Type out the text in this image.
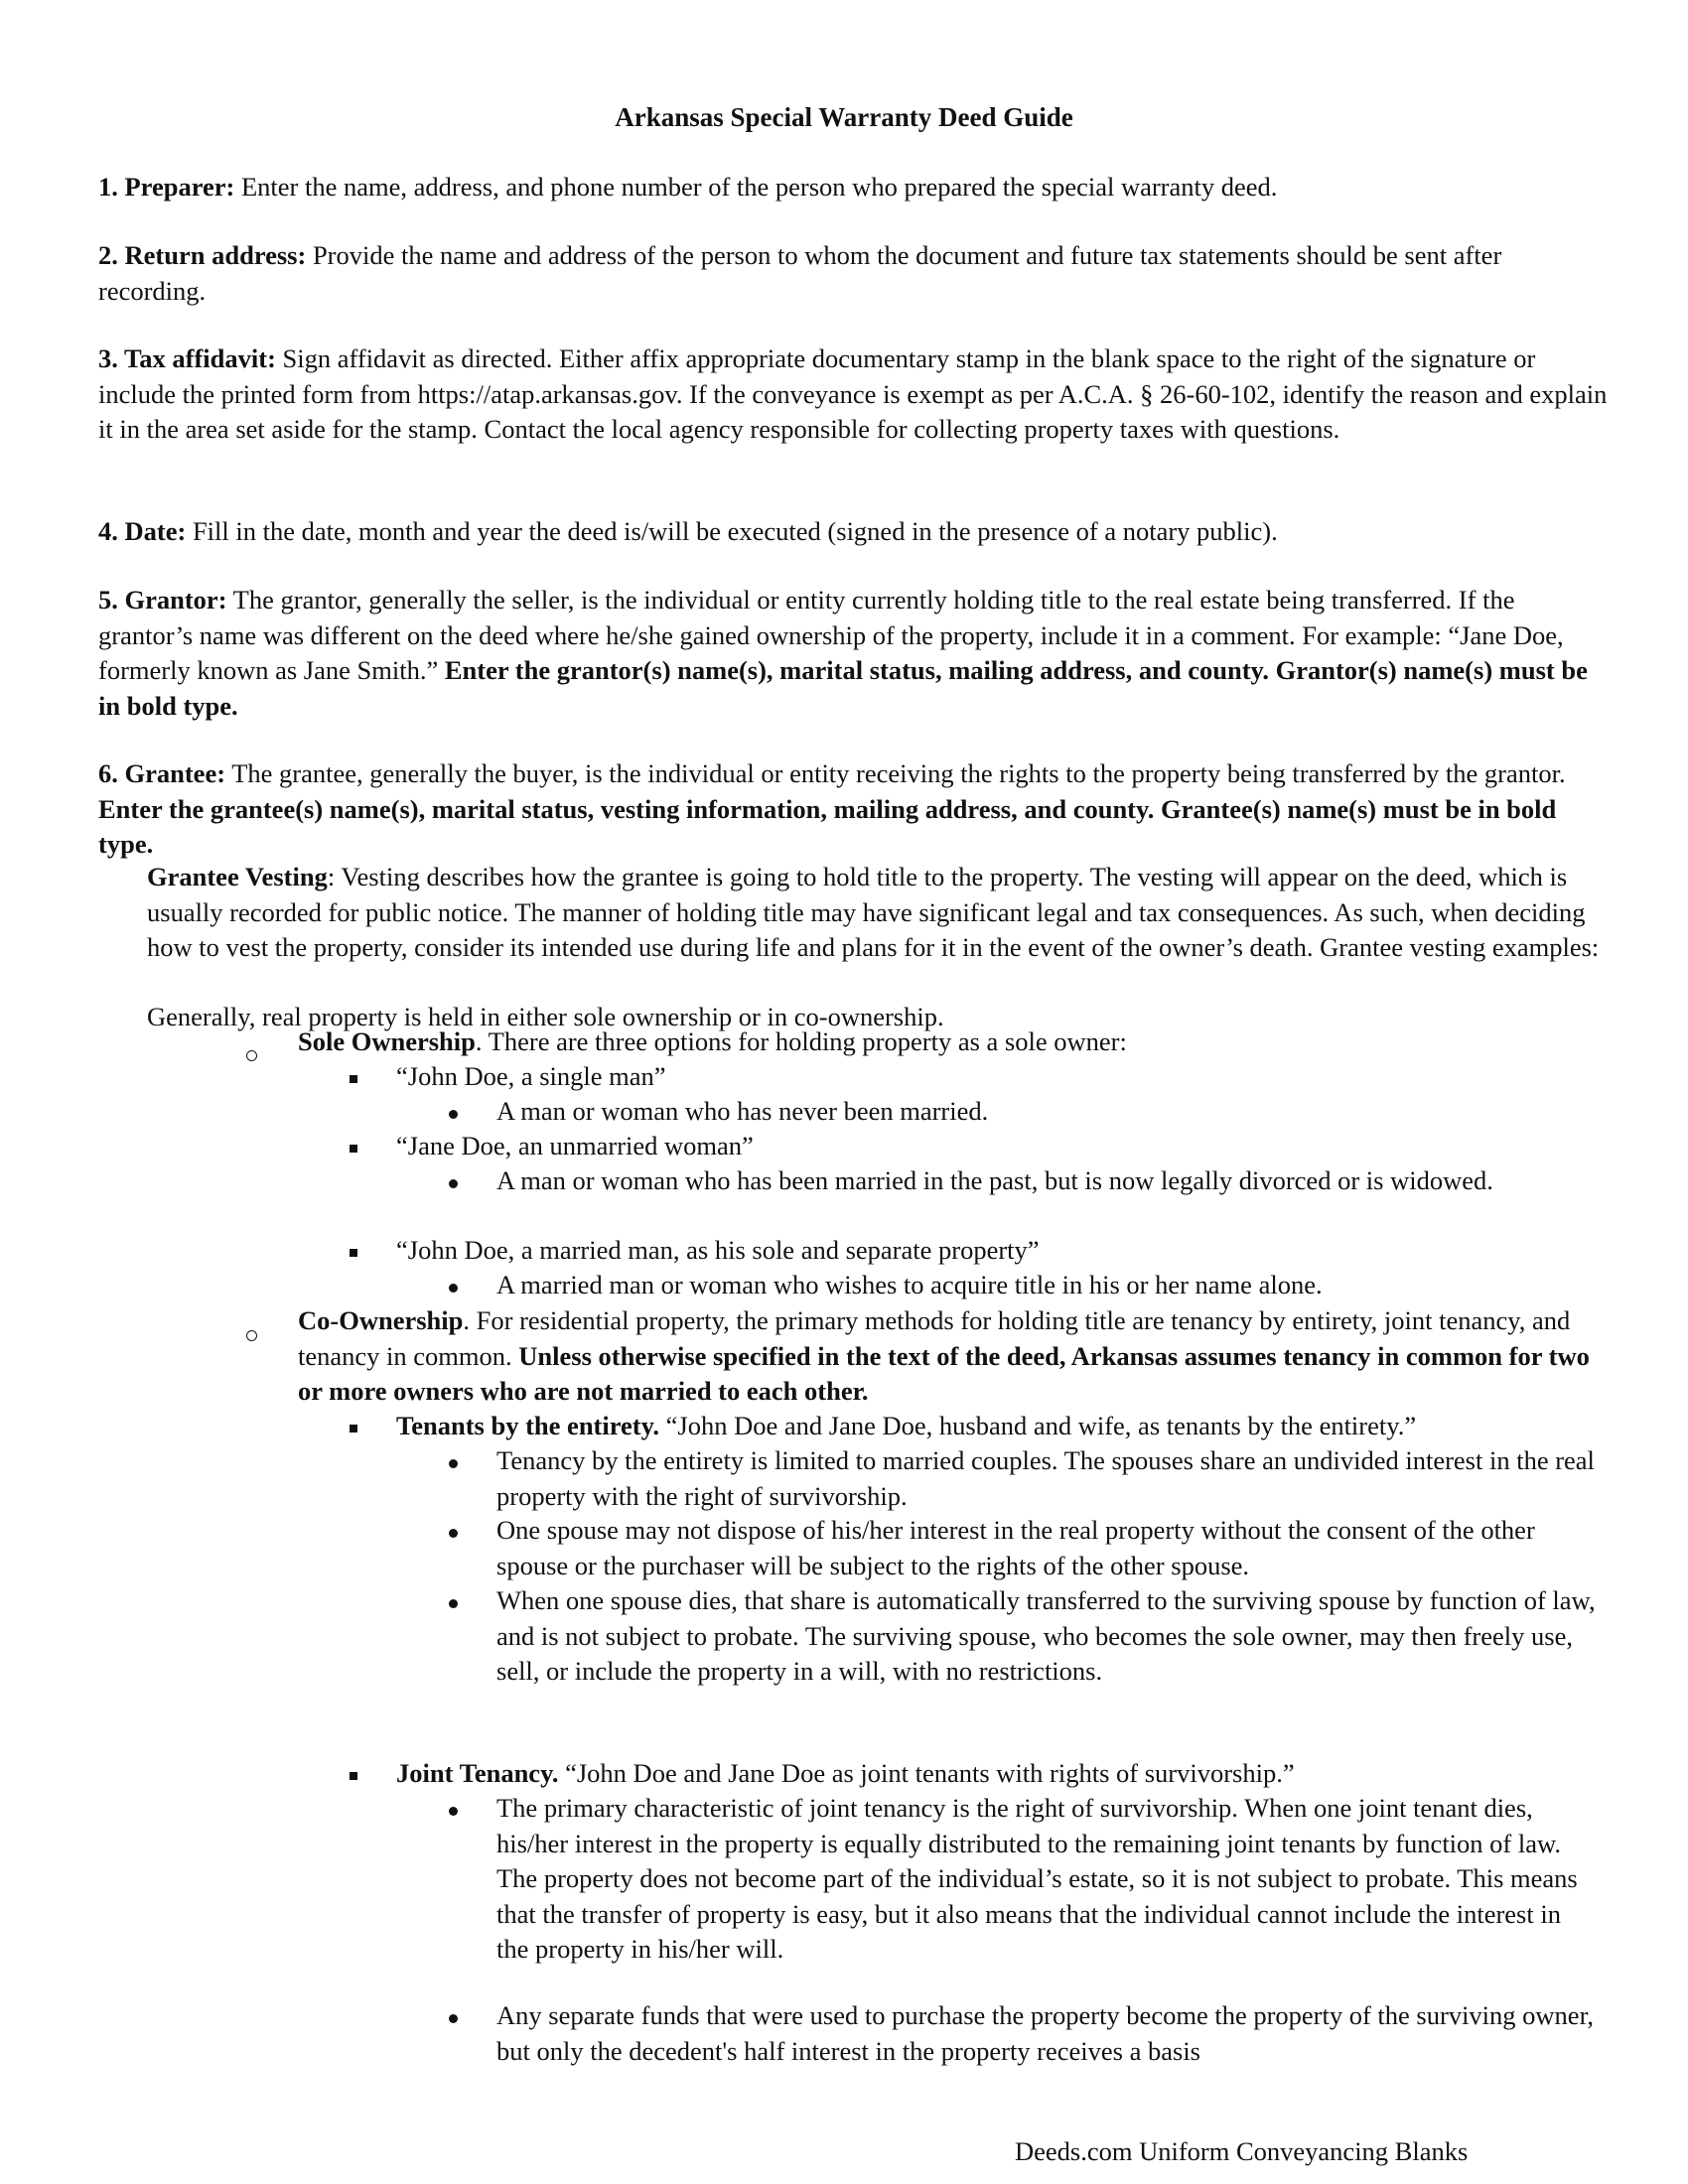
Arkansas Special Warranty Deed Guide

1. Preparer: Enter the name, address, and phone number of the person who prepared the special warranty deed.

2. Return address: Provide the name and address of the person to whom the document and future tax statements should be sent after recording.

3. Tax affidavit: Sign affidavit as directed. Either affix appropriate documentary stamp in the blank space to the right of the signature or include the printed form from https://atap.arkansas.gov. If the conveyance is exempt as per A.C.A. § 26-60-102, identify the reason and explain it in the area set aside for the stamp. Contact the local agency responsible for collecting property taxes with questions.

4. Date: Fill in the date, month and year the deed is/will be executed (signed in the presence of a notary public).

5. Grantor: The grantor, generally the seller, is the individual or entity currently holding title to the real estate being transferred. If the grantor’s name was different on the deed where he/she gained ownership of the property, include it in a comment. For example: “Jane Doe, formerly known as Jane Smith.” Enter the grantor(s) name(s), marital status, mailing address, and county. Grantor(s) name(s) must be in bold type.

6. Grantee: The grantee, generally the buyer, is the individual or entity receiving the rights to the property being transferred by the grantor. Enter the grantee(s) name(s), marital status, vesting information, mailing address, and county. Grantee(s) name(s) must be in bold type.

Grantee Vesting: Vesting describes how the grantee is going to hold title to the property. The vesting will appear on the deed, which is usually recorded for public notice. The manner of holding title may have significant legal and tax consequences. As such, when deciding how to vest the property, consider its intended use during life and plans for it in the event of the owner’s death. Grantee vesting examples:

Generally, real property is held in either sole ownership or in co-ownership.

Sole Ownership. There are three options for holding property as a sole owner:

“John Doe, a single man”

A man or woman who has never been married.

“Jane Doe, an unmarried woman”

A man or woman who has been married in the past, but is now legally divorced or is widowed.

“John Doe, a married man, as his sole and separate property”

A married man or woman who wishes to acquire title in his or her name alone.

Co-Ownership. For residential property, the primary methods for holding title are tenancy by entirety, joint tenancy, and tenancy in common. Unless otherwise specified in the text of the deed, Arkansas assumes tenancy in common for two or more owners who are not married to each other.

Tenants by the entirety. “John Doe and Jane Doe, husband and wife, as tenants by the entirety.”

Tenancy by the entirety is limited to married couples. The spouses share an undivided interest in the real property with the right of survivorship.

One spouse may not dispose of his/her interest in the real property without the consent of the other spouse or the purchaser will be subject to the rights of the other spouse.

When one spouse dies, that share is automatically transferred to the surviving spouse by function of law, and is not subject to probate. The surviving spouse, who becomes the sole owner, may then freely use, sell, or include the property in a will, with no restrictions.

Joint Tenancy. “John Doe and Jane Doe as joint tenants with rights of survivorship.”

The primary characteristic of joint tenancy is the right of survivorship. When one joint tenant dies, his/her interest in the property is equally distributed to the remaining joint tenants by function of law. The property does not become part of the individual’s estate, so it is not subject to probate. This means that the transfer of property is easy, but it also means that the individual cannot include the interest in the property in his/her will.

Any separate funds that were used to purchase the property become the property of the surviving owner, but only the decedent's half interest in the property receives a basis

Deeds.com Uniform Conveyancing Blanks
